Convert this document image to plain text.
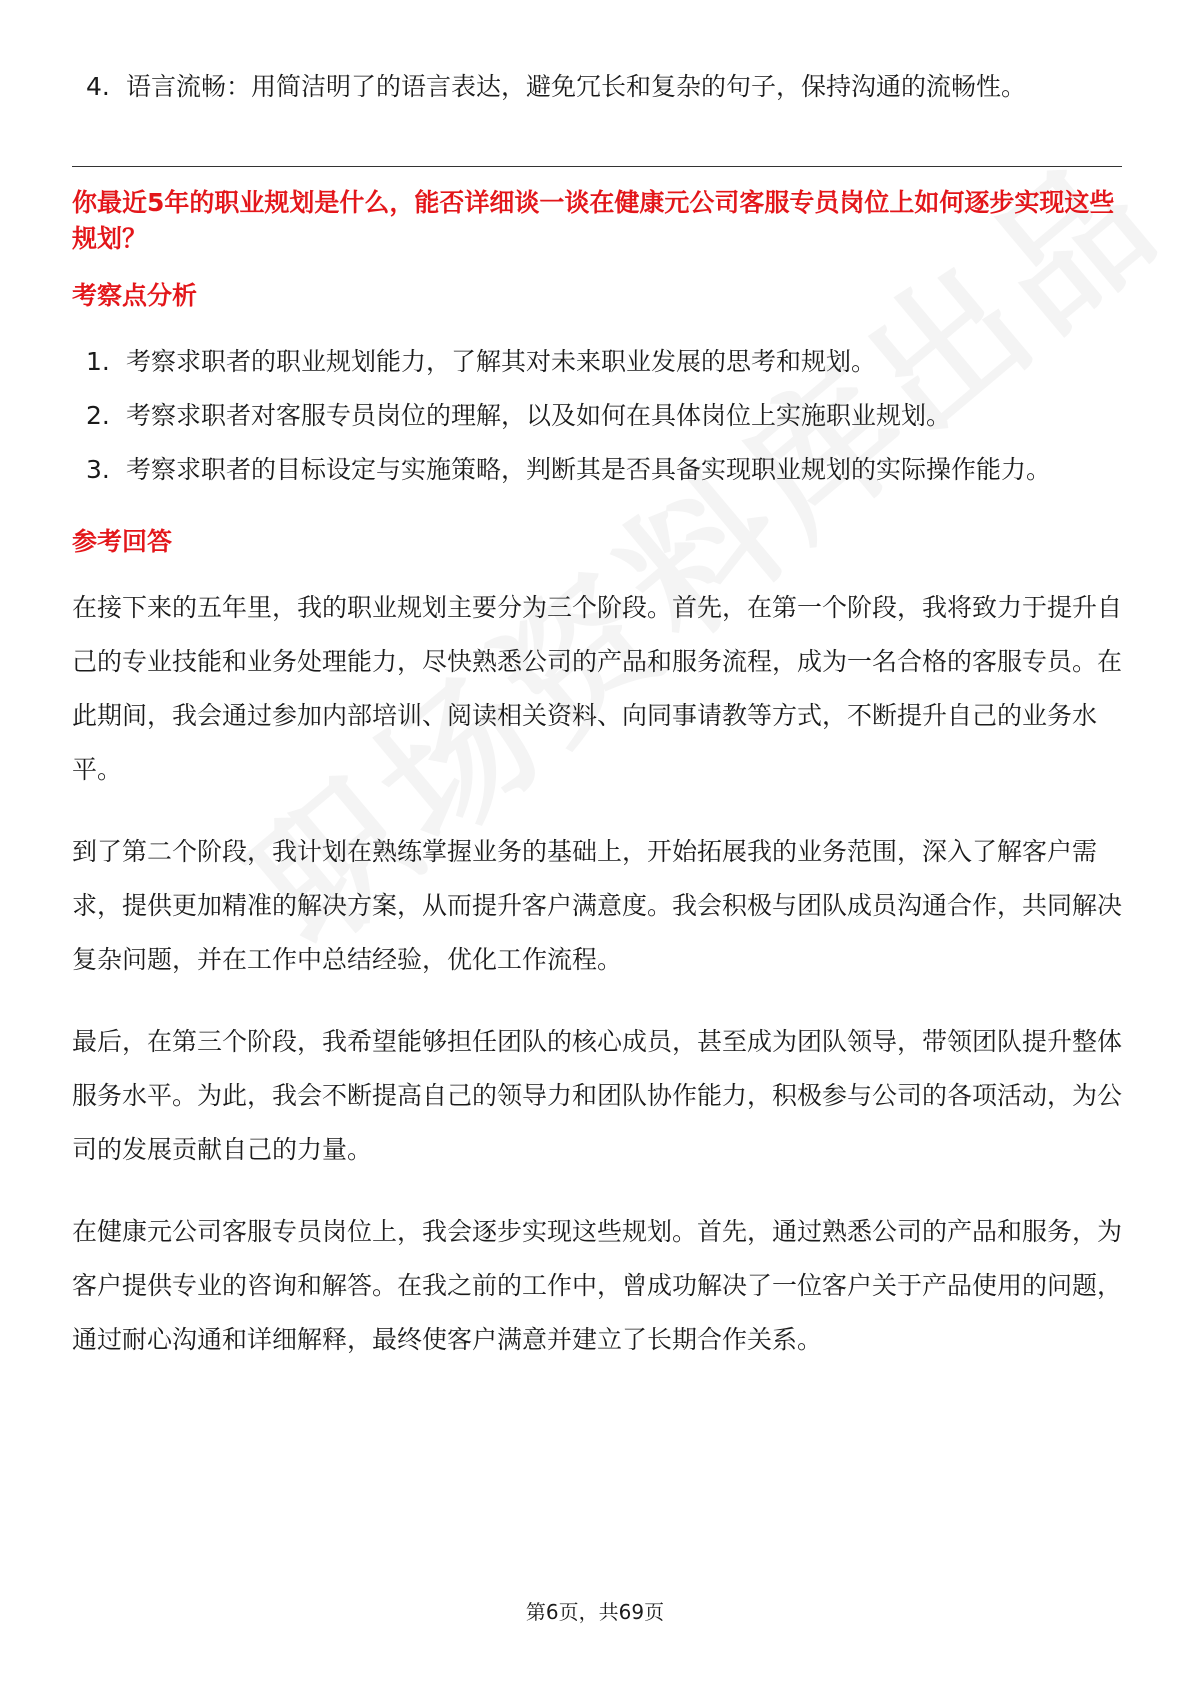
4. 语言流畅：用简洁明了的语言表达，避免冗长和复杂的句子，保持沟通的流畅性。
你最近5年的职业规划是什么，能否详细谈一谈在健康元公司客服专员岗位上如何逐步实现这些规划？
考察点分析
1. 考察求职者的职业规划能力，了解其对未来职业发展的思考和规划。
2. 考察求职者对客服专员岗位的理解，以及如何在具体岗位上实施职业规划。
3. 考察求职者的目标设定与实施策略，判断其是否具备实现职业规划的实际操作能力。
参考回答

在接下来的五年里，我的职业规划主要分为三个阶段。首先，在第一个阶段，我将致力于提升自己的专业技能和业务处理能力，尽快熟悉公司的产品和服务流程，成为一名合格的客服专员。在此期间，我会通过参加内部培训、阅读相关资料、向同事请教等方式，不断提升自己的业务水平。

到了第二个阶段，我计划在熟练掌握业务的基础上，开始拓展我的业务范围，深入了解客户需求，提供更加精准的解决方案，从而提升客户满意度。我会积极与团队成员沟通合作，共同解决复杂问题，并在工作中总结经验，优化工作流程。

最后，在第三个阶段，我希望能够担任团队的核心成员，甚至成为团队领导，带领团队提升整体服务水平。为此，我会不断提高自己的领导力和团队协作能力，积极参与公司的各项活动，为公司的发展贡献自己的力量。

在健康元公司客服专员岗位上，我会逐步实现这些规划。首先，通过熟悉公司的产品和服务，为客户提供专业的咨询和解答。在我之前的工作中，曾成功解决了一位客户关于产品使用的问题，通过耐心沟通和详细解释，最终使客户满意并建立了长期合作关系。

第6页，共69页
